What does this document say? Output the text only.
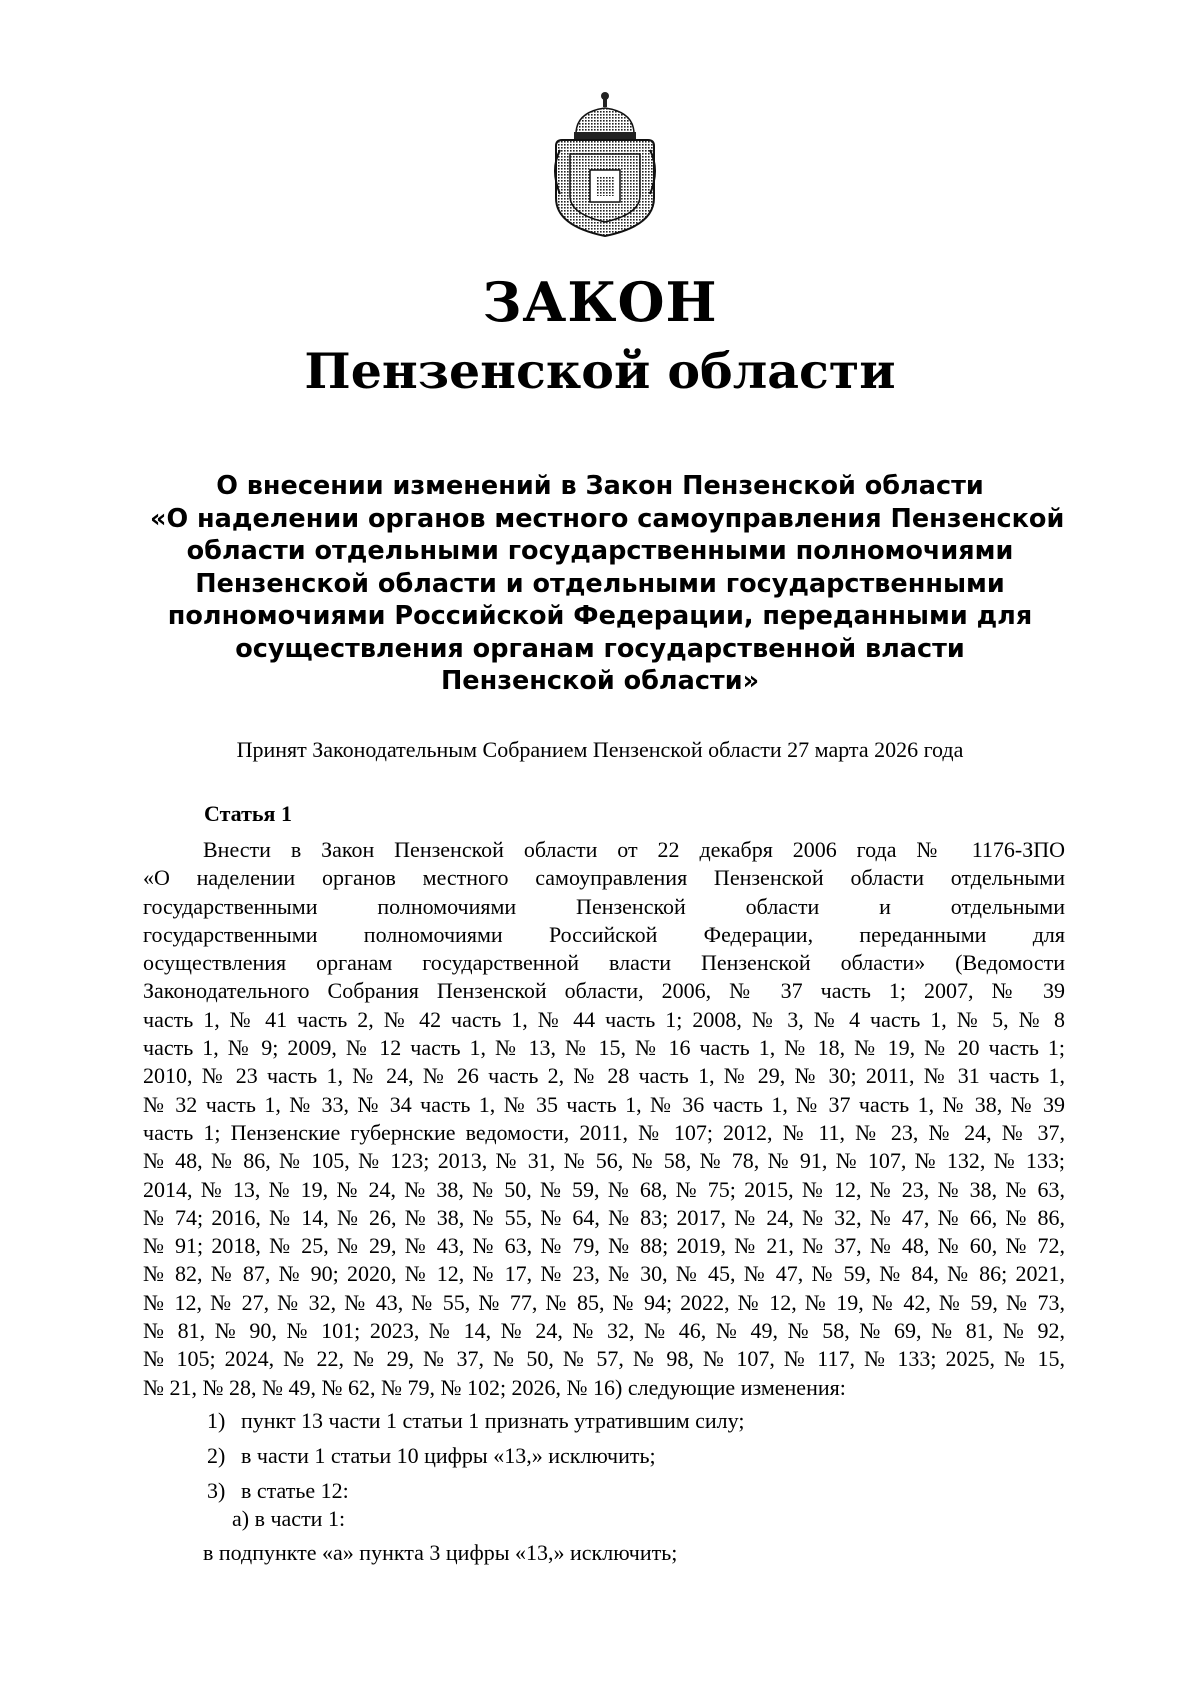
ЗАКОН
Пензенской области
О внесении изменений в Закон Пензенской области
«О наделении органов местного самоуправления Пензенской
области отдельными государственными полномочиями
Пензенской области и отдельными государственными
полномочиями Российской Федерации, переданными для
осуществления органам государственной власти
Пензенской области»

Принят Законодательным Собранием Пензенской области 27 марта 2026 года

Статья 1

Внести в Закон Пензенской области от 22 декабря 2006 года № 1176-ЗПО
«О наделении органов местного самоуправления Пензенской области отдельными
государственными полномочиями Пензенской области и отдельными
государственными полномочиями Российской Федерации, переданными для
осуществления органам государственной власти Пензенской области» (Ведомости
Законодательного Собрания Пензенской области, 2006, № 37 часть 1; 2007, № 39
часть 1, № 41 часть 2, № 42 часть 1, № 44 часть 1; 2008, № 3, № 4 часть 1, № 5, № 8
часть 1, № 9; 2009, № 12 часть 1, № 13, № 15, № 16 часть 1, № 18, № 19, № 20 часть 1;
2010, № 23 часть 1, № 24, № 26 часть 2, № 28 часть 1, № 29, № 30; 2011, № 31 часть 1,
№ 32 часть 1, № 33, № 34 часть 1, № 35 часть 1, № 36 часть 1, № 37 часть 1, № 38, № 39
часть 1; Пензенские губернские ведомости, 2011, № 107; 2012, № 11, № 23, № 24, № 37,
№ 48, № 86, № 105, № 123; 2013, № 31, № 56, № 58, № 78, № 91, № 107, № 132, № 133;
2014, № 13, № 19, № 24, № 38, № 50, № 59, № 68, № 75; 2015, № 12, № 23, № 38, № 63,
№ 74; 2016, № 14, № 26, № 38, № 55, № 64, № 83; 2017, № 24, № 32, № 47, № 66, № 86,
№ 91; 2018, № 25, № 29, № 43, № 63, № 79, № 88; 2019, № 21, № 37, № 48, № 60, № 72,
№ 82, № 87, № 90; 2020, № 12, № 17, № 23, № 30, № 45, № 47, № 59, № 84, № 86; 2021,
№ 12, № 27, № 32, № 43, № 55, № 77, № 85, № 94; 2022, № 12, № 19, № 42, № 59, № 73,
№ 81, № 90, № 101; 2023, № 14, № 24, № 32, № 46, № 49, № 58, № 69, № 81, № 92,
№ 105; 2024, № 22, № 29, № 37, № 50, № 57, № 98, № 107, № 117, № 133; 2025, № 15,
№ 21, № 28, № 49, № 62, № 79, № 102; 2026, № 16) следующие изменения:

1) пункт 13 части 1 статьи 1 признать утратившим силу;

2) в части 1 статьи 10 цифры «13,» исключить;

3) в статье 12:

а) в части 1:

в подпункте «а» пункта 3 цифры «13,» исключить;
